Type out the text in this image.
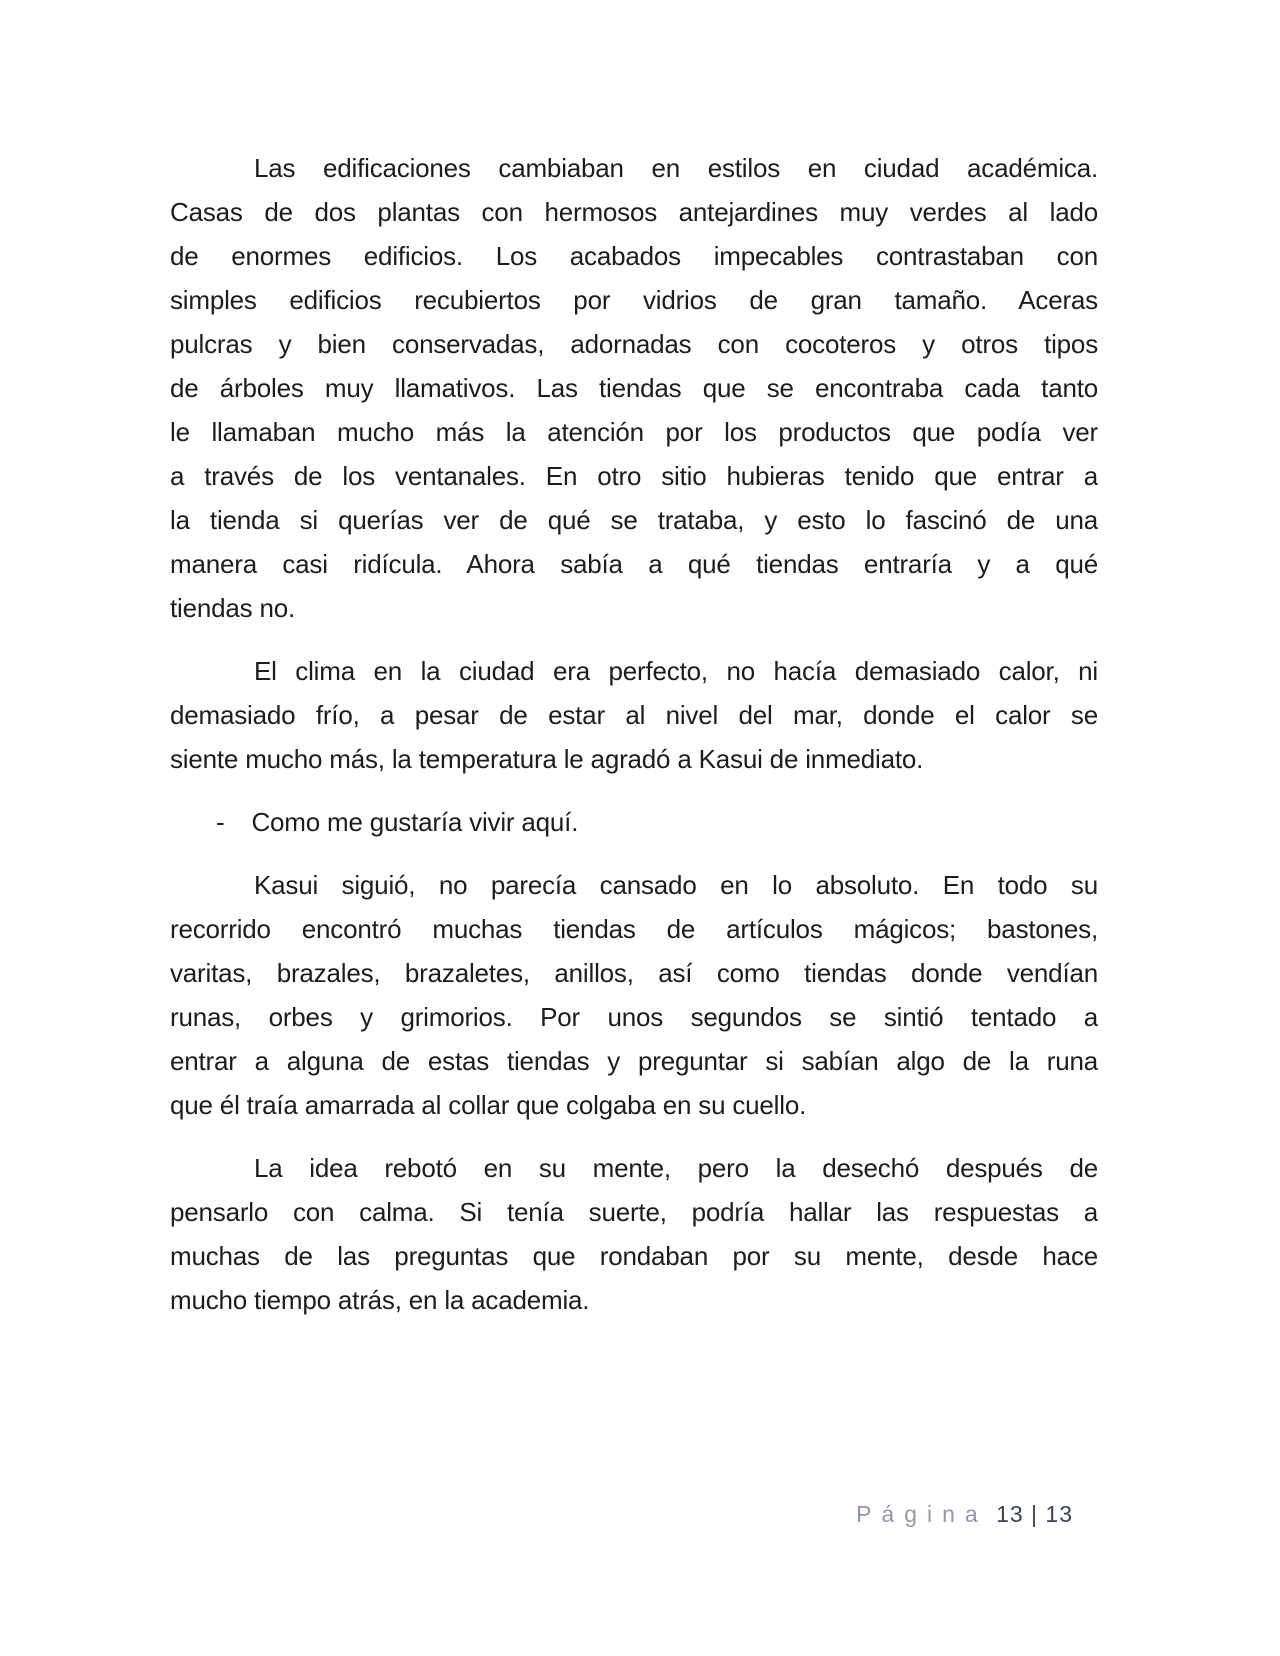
Las edificaciones cambiaban en estilos en ciudad académica.
Casas de dos plantas con hermosos antejardines muy verdes al lado
de enormes edificios. Los acabados impecables contrastaban con
simples edificios recubiertos por vidrios de gran tamaño. Aceras
pulcras y bien conservadas, adornadas con cocoteros y otros tipos
de árboles muy llamativos. Las tiendas que se encontraba cada tanto
le llamaban mucho más la atención por los productos que podía ver
a través de los ventanales. En otro sitio hubieras tenido que entrar a
la tienda si querías ver de qué se trataba, y esto lo fascinó de una
manera casi ridícula. Ahora sabía a qué tiendas entraría y a qué
tiendas no.
El clima en la ciudad era perfecto, no hacía demasiado calor, ni
demasiado frío, a pesar de estar al nivel del mar, donde el calor se
siente mucho más, la temperatura le agradó a Kasui de inmediato.
- Como me gustaría vivir aquí.
Kasui siguió, no parecía cansado en lo absoluto. En todo su
recorrido encontró muchas tiendas de artículos mágicos; bastones,
varitas, brazales, brazaletes, anillos, así como tiendas donde vendían
runas, orbes y grimorios. Por unos segundos se sintió tentado a
entrar a alguna de estas tiendas y preguntar si sabían algo de la runa
que él traía amarrada al collar que colgaba en su cuello.
La idea rebotó en su mente, pero la desechó después de
pensarlo con calma. Si tenía suerte, podría hallar las respuestas a
muchas de las preguntas que rondaban por su mente, desde hace
mucho tiempo atrás, en la academia.
Página 13 | 13
